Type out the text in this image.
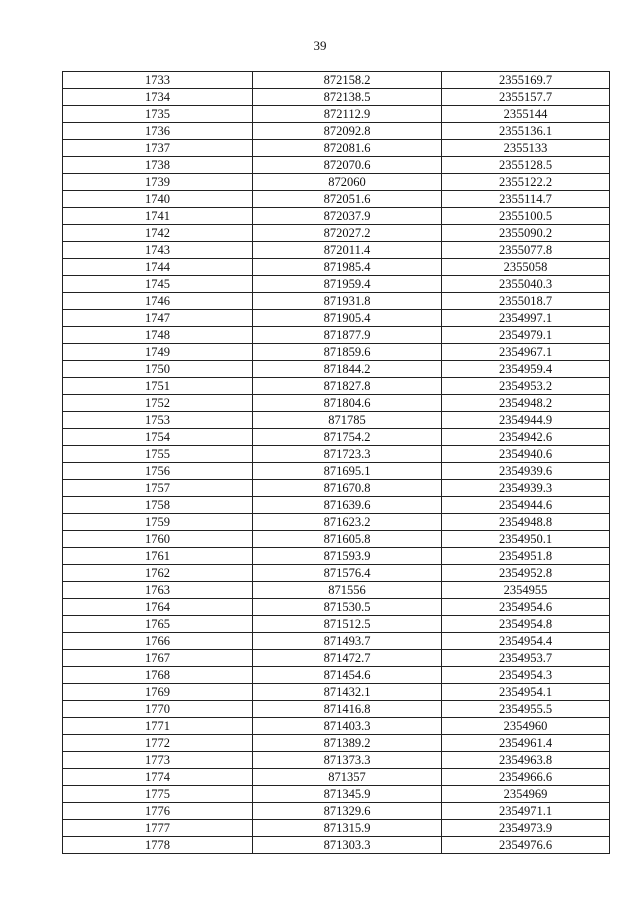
39
1733	872158.2	2355169.7
1734	872138.5	2355157.7
1735	872112.9	2355144
1736	872092.8	2355136.1
1737	872081.6	2355133
1738	872070.6	2355128.5
1739	872060	2355122.2
1740	872051.6	2355114.7
1741	872037.9	2355100.5
1742	872027.2	2355090.2
1743	872011.4	2355077.8
1744	871985.4	2355058
1745	871959.4	2355040.3
1746	871931.8	2355018.7
1747	871905.4	2354997.1
1748	871877.9	2354979.1
1749	871859.6	2354967.1
1750	871844.2	2354959.4
1751	871827.8	2354953.2
1752	871804.6	2354948.2
1753	871785	2354944.9
1754	871754.2	2354942.6
1755	871723.3	2354940.6
1756	871695.1	2354939.6
1757	871670.8	2354939.3
1758	871639.6	2354944.6
1759	871623.2	2354948.8
1760	871605.8	2354950.1
1761	871593.9	2354951.8
1762	871576.4	2354952.8
1763	871556	2354955
1764	871530.5	2354954.6
1765	871512.5	2354954.8
1766	871493.7	2354954.4
1767	871472.7	2354953.7
1768	871454.6	2354954.3
1769	871432.1	2354954.1
1770	871416.8	2354955.5
1771	871403.3	2354960
1772	871389.2	2354961.4
1773	871373.3	2354963.8
1774	871357	2354966.6
1775	871345.9	2354969
1776	871329.6	2354971.1
1777	871315.9	2354973.9
1778	871303.3	2354976.6
